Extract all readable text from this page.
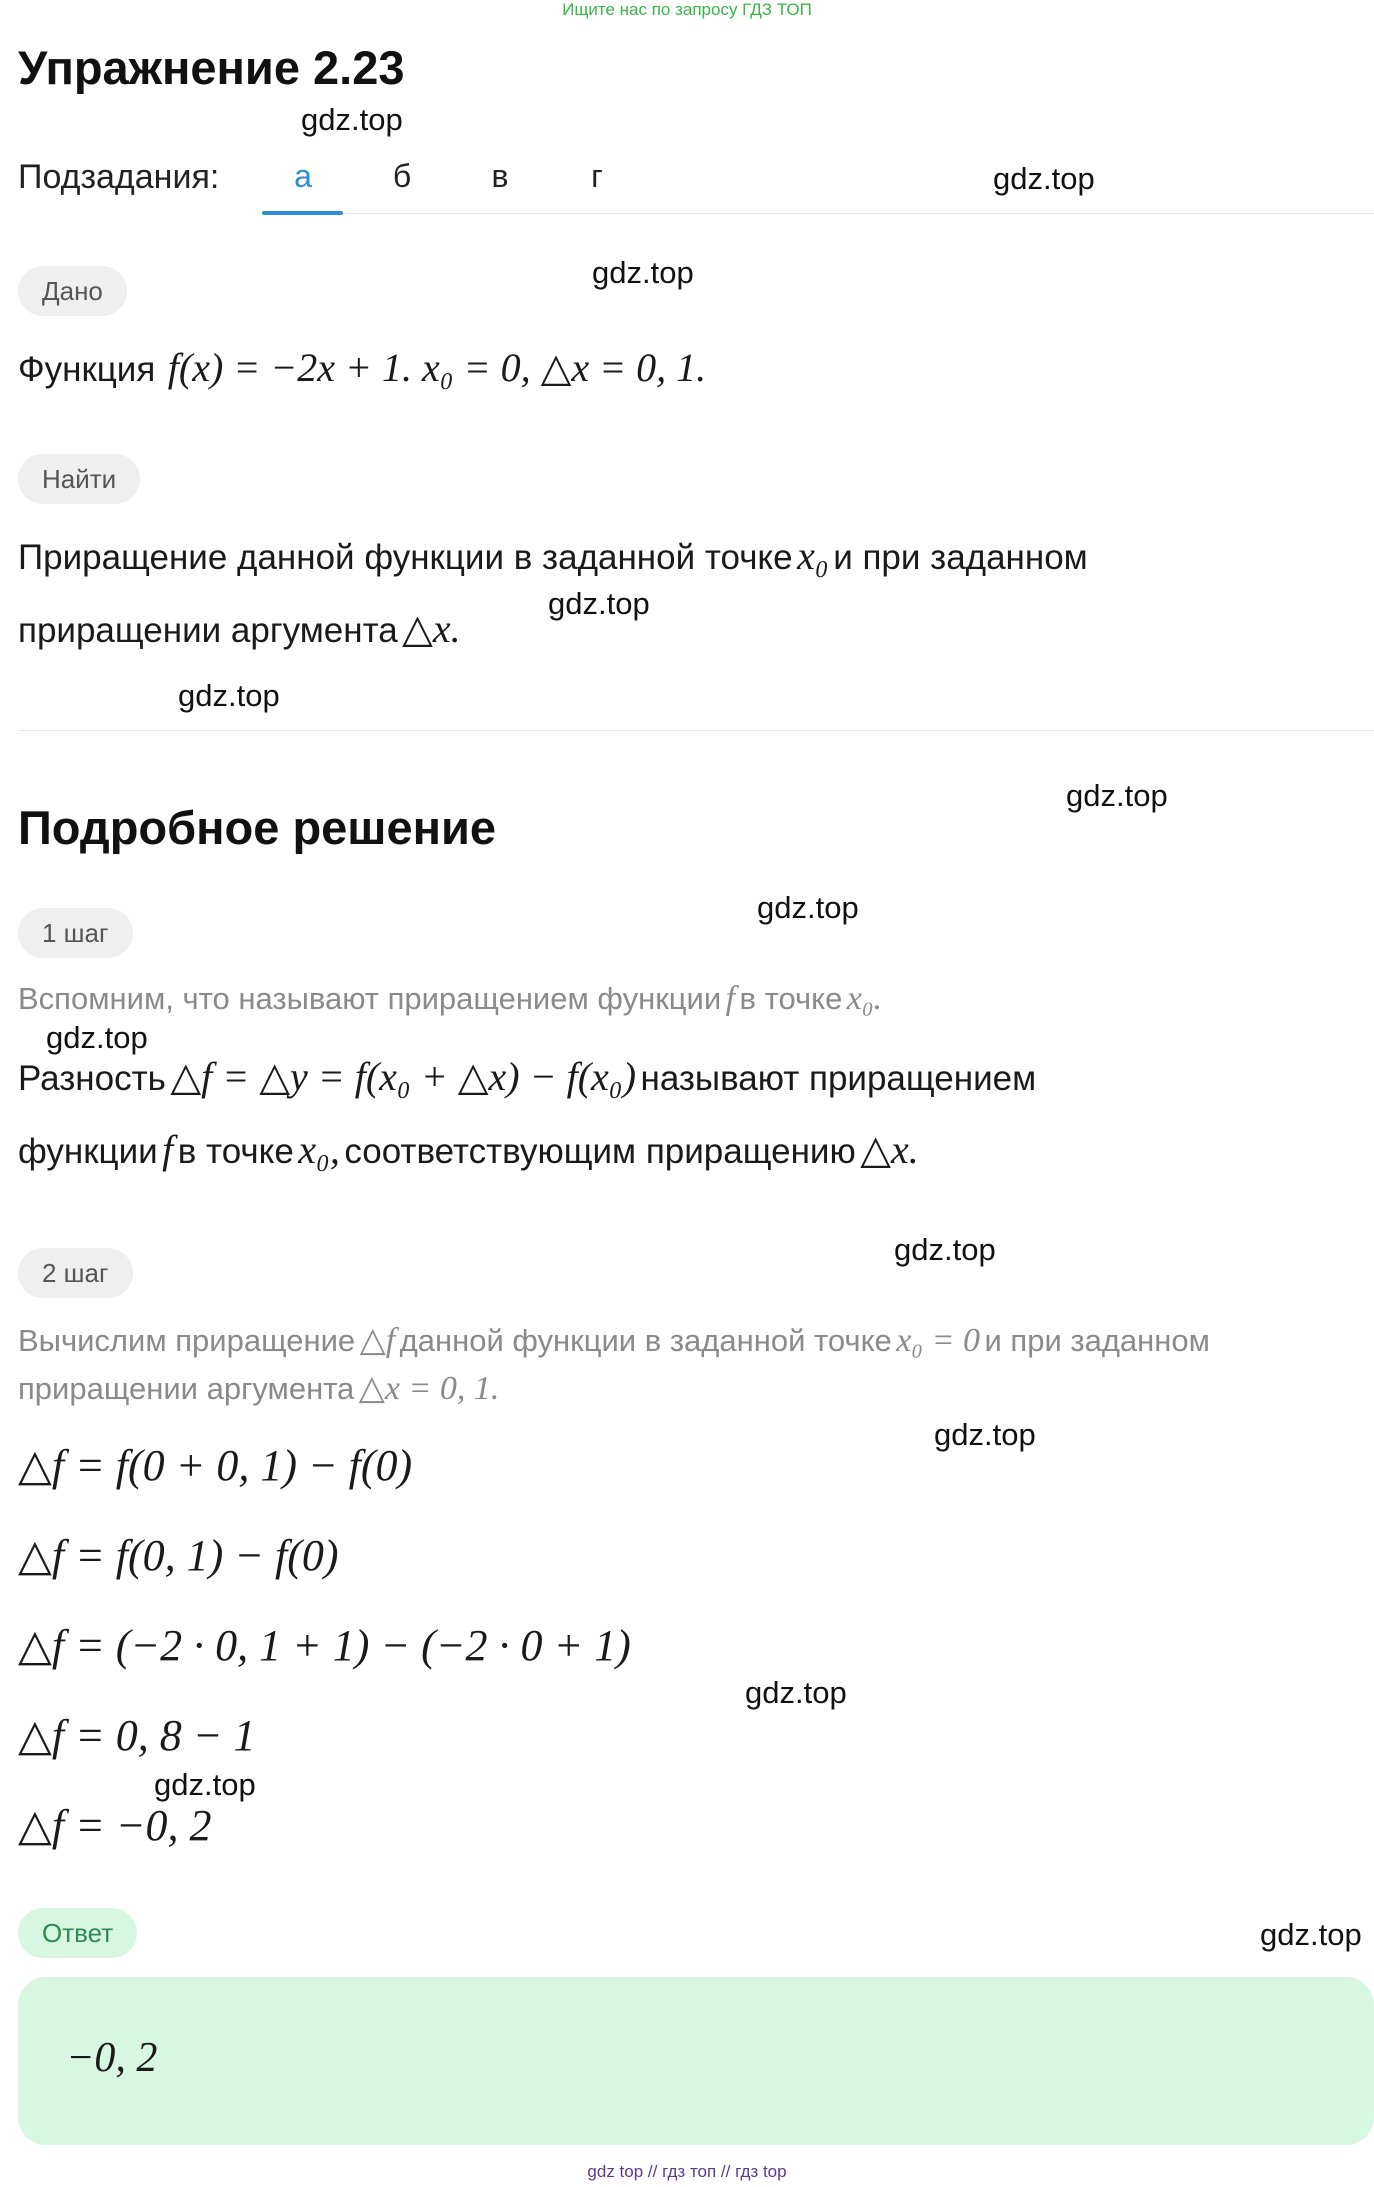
Ищите нас по запросу ГДЗ ТОП
Упражнение 2.23
gdz.top
gdz.top
gdz.top
gdz.top
gdz.top
gdz.top
gdz.top
gdz.top
gdz.top
gdz.top
gdz.top
gdz.top
gdz.top
Подзадания:	а	б	в	г
Дано
Функция f(x) = −2x + 1. x₀ = 0, △x = 0, 1.
Найти
Приращение данной функции в заданной точке x₀ и при заданном
приращении аргумента △x.
Подробное решение
1 шаг
Вспомним, что называют приращением функции f в точке x₀.
Разность △f = △y = f(x₀ + △x) − f(x₀) называют приращением
функции f в точке x₀, соответствующим приращению △x.
2 шаг
Вычислим приращение △f данной функции в заданной точке x₀ = 0 и при заданном
приращении аргумента △x = 0, 1.
△f = f(0 + 0, 1) − f(0)
△f = f(0, 1) − f(0)
△f = (−2 · 0, 1 + 1) − (−2 · 0 + 1)
△f = 0, 8 − 1
△f = −0, 2
Ответ
−0, 2
gdz top // гдз топ // гдз top
